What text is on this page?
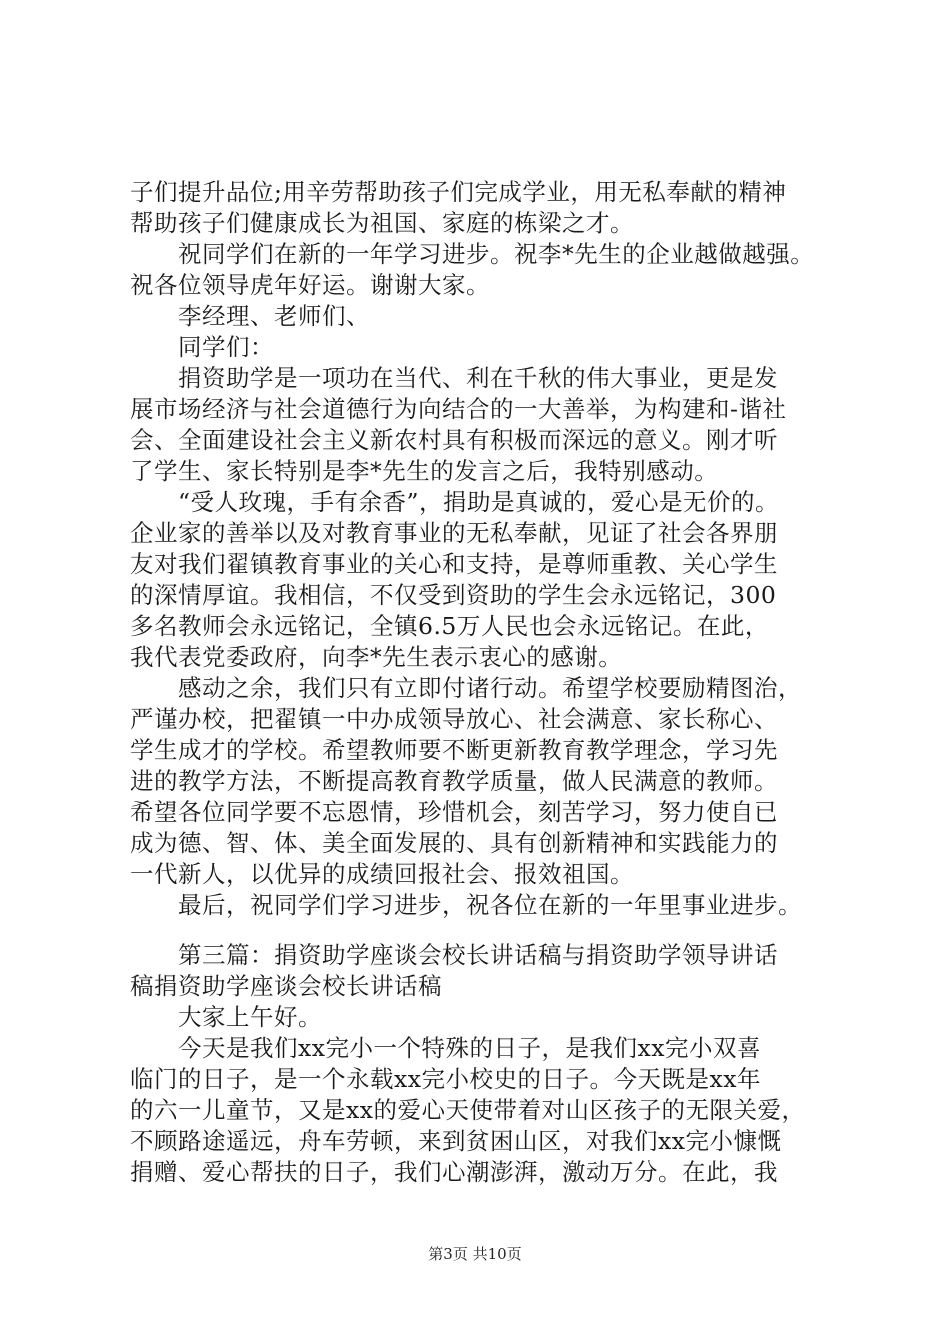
子们提升品位;用辛劳帮助孩子们完成学业，用无私奉献的精神
帮助孩子们健康成长为祖国、家庭的栋梁之才。
祝同学们在新的一年学习进步。祝李*先生的企业越做越强。
祝各位领导虎年好运。谢谢大家。
李经理、老师们、
同学们：
捐资助学是一项功在当代、利在千秋的伟大事业，更是发
展市场经济与社会道德行为向结合的一大善举，为构建和-谐社
会、全面建设社会主义新农村具有积极而深远的意义。刚才听
了学生、家长特别是李*先生的发言之后，我特别感动。
“受人玫瑰，手有余香”，捐助是真诚的，爱心是无价的。
企业家的善举以及对教育事业的无私奉献，见证了社会各界朋
友对我们翟镇教育事业的关心和支持，是尊师重教、关心学生
的深情厚谊。我相信，不仅受到资助的学生会永远铭记，300
多名教师会永远铭记，全镇6.5万人民也会永远铭记。在此，
我代表党委政府，向李*先生表示衷心的感谢。
感动之余，我们只有立即付诸行动。希望学校要励精图治，
严谨办校，把翟镇一中办成领导放心、社会满意、家长称心、
学生成才的学校。希望教师要不断更新教育教学理念，学习先
进的教学方法，不断提高教育教学质量，做人民满意的教师。
希望各位同学要不忘恩情，珍惜机会，刻苦学习，努力使自已
成为德、智、体、美全面发展的、具有创新精神和实践能力的
一代新人，以优异的成绩回报社会、报效祖国。
最后，祝同学们学习进步，祝各位在新的一年里事业进步。
第三篇：捐资助学座谈会校长讲话稿与捐资助学领导讲话
稿捐资助学座谈会校长讲话稿
大家上午好。
今天是我们xx完小一个特殊的日子，是我们xx完小双喜
临门的日子，是一个永载xx完小校史的日子。今天既是xx年
的六一儿童节，又是xx的爱心天使带着对山区孩子的无限关爱，
不顾路途遥远，舟车劳顿，来到贫困山区，对我们xx完小慷慨
捐赠、爱心帮扶的日子，我们心潮澎湃，激动万分。在此，我
第3页 共10页
